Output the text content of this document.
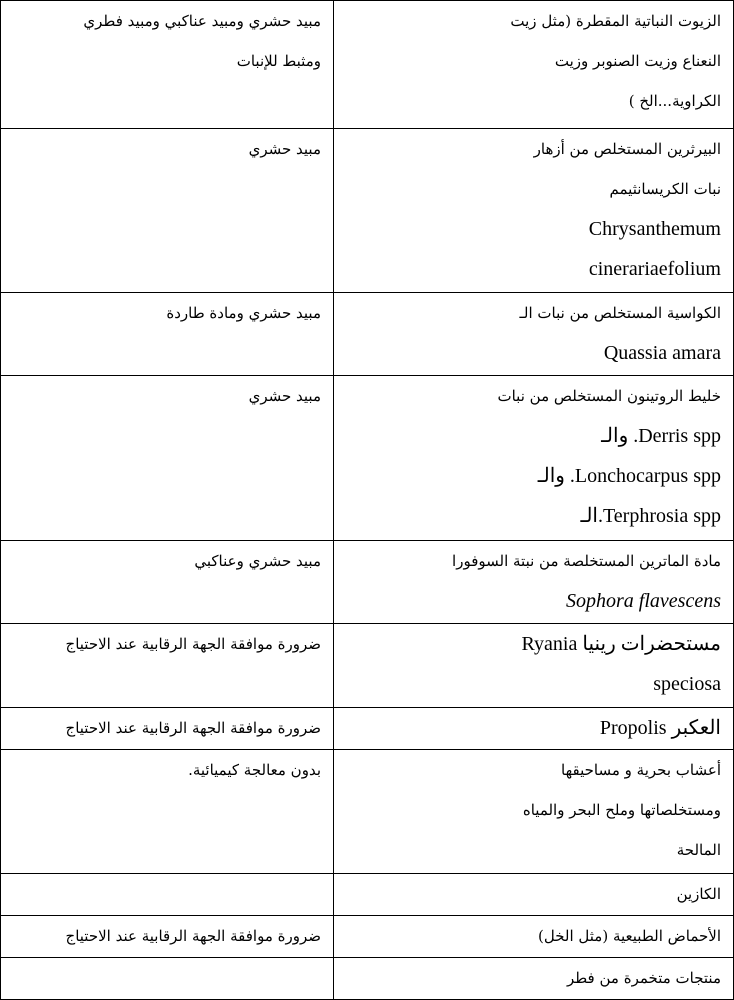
الزيوت النباتية المقطرة (مثل زيت
النعناع وزيت الصنوبر وزيت
الكراوية...الخ )	مبيد حشري ومبيد عناكبي ومبيد فطري
ومثبط للإنبات

البيرثرين المستخلص من أزهار
نبات الكريسانثيمم
Chrysanthemum
cinerariaefolium	مبيد حشري

الكواسية المستخلص من نبات الـ
Quassia amara	مبيد حشري ومادة طاردة

خليط الروتينون المستخلص من نبات
Derris spp. والـ
Lonchocarpus spp. والـ
Terphrosia spp.الـ	مبيد حشري

مادة الماترين المستخلصة من نبتة السوفورا
Sophora flavescens	مبيد حشري وعناكبي

مستحضرات رينيا Ryania
speciosa	ضرورة موافقة الجهة الرقابية عند الاحتياج

العكبر Propolis	ضرورة موافقة الجهة الرقابية عند الاحتياج

أعشاب بحرية و مساحيقها
ومستخلصاتها وملح البحر والمياه
المالحة	بدون معالجة كيميائية.

الكازين	

الأحماض الطبيعية (مثل الخل)	ضرورة موافقة الجهة الرقابية عند الاحتياج

منتجات متخمرة من فطر	
